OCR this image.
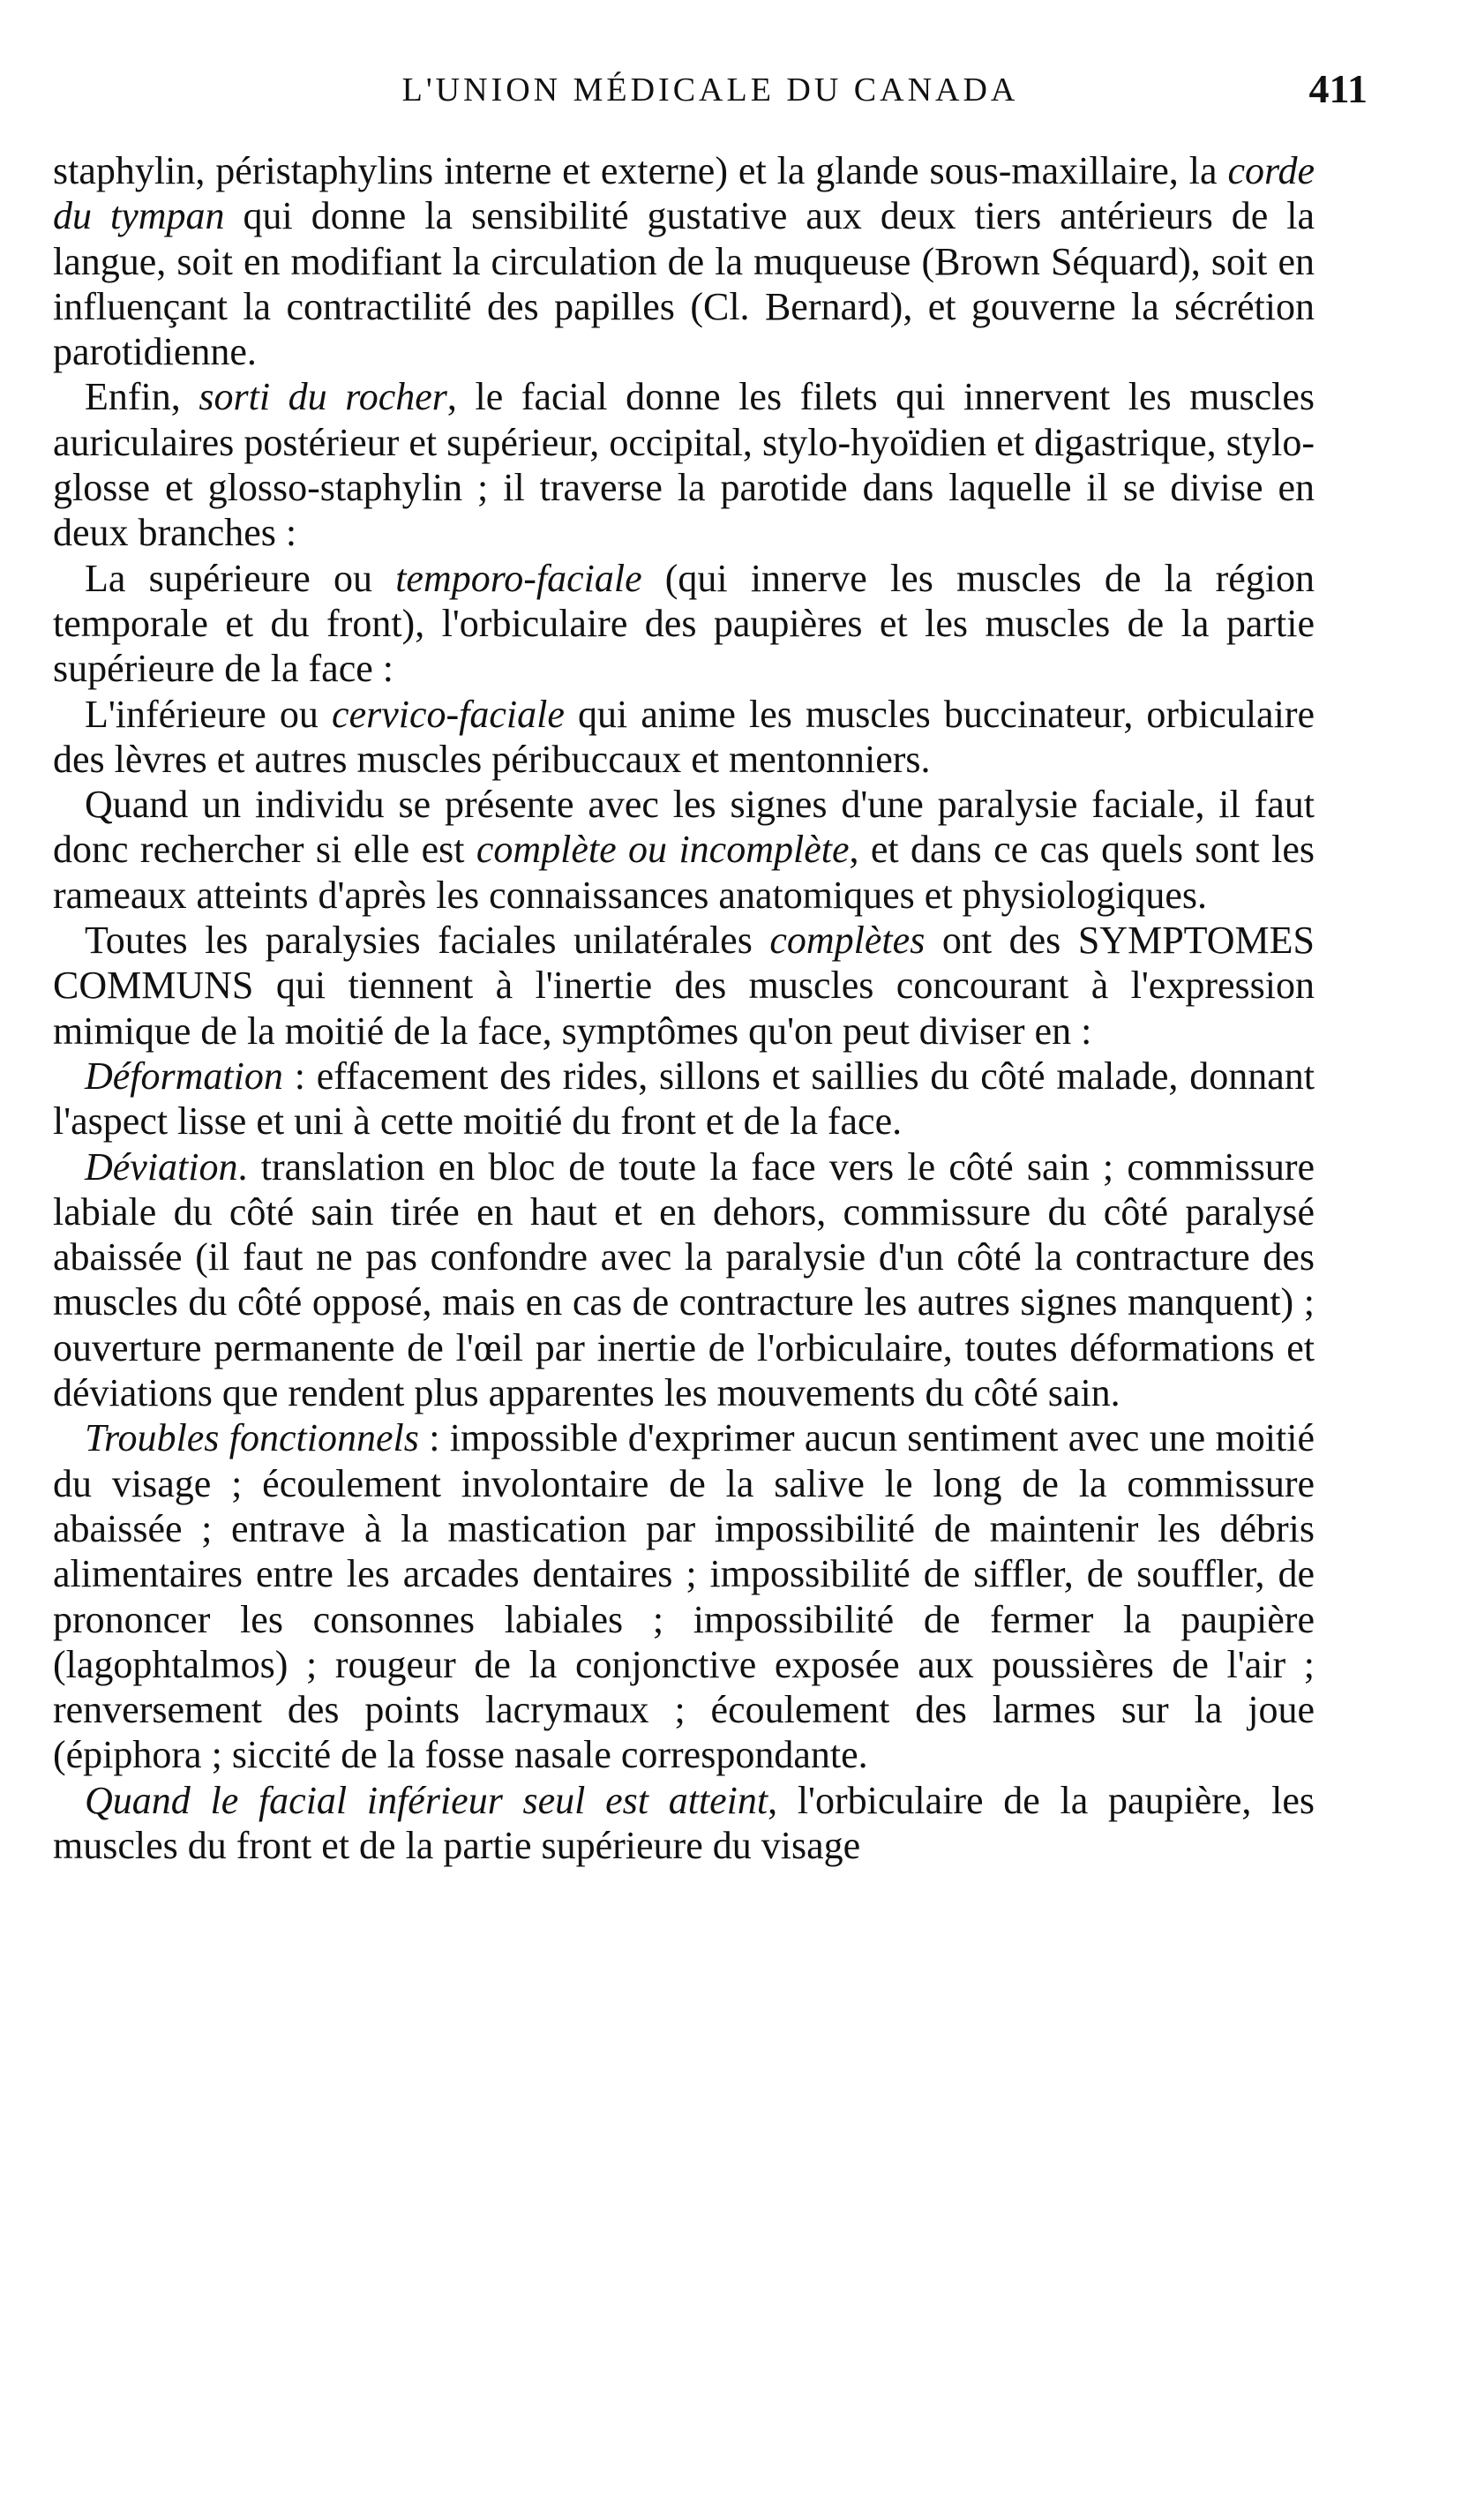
L'UNION MÉDICALE DU CANADA	411

staphylin, péristaphylins interne et externe) et la glande sous-maxillaire, la corde du tympan qui donne la sensibilité gustative aux deux tiers antérieurs de la langue, soit en modifiant la circulation de la muqueuse (Brown Séquard), soit en influençant la contractilité des papilles (Cl. Bernard), et gouverne la sécrétion parotidienne.

Enfin, sorti du rocher, le facial donne les filets qui innervent les muscles auriculaires postérieur et supérieur, occipital, stylo-hyoïdien et digastrique, stylo-glosse et glosso-staphylin ; il traverse la parotide dans laquelle il se divise en deux branches :

La supérieure ou temporo-faciale (qui innerve les muscles de la région temporale et du front), l'orbiculaire des paupières et les muscles de la partie supérieure de la face :

L'inférieure ou cervico-faciale qui anime les muscles buccinateur, orbiculaire des lèvres et autres muscles péribuccaux et mentonniers.

Quand un individu se présente avec les signes d'une paralysie faciale, il faut donc rechercher si elle est complète ou incomplète, et dans ce cas quels sont les rameaux atteints d'après les connaissances anatomiques et physiologiques.

Toutes les paralysies faciales unilatérales complètes ont des SYMPTOMES COMMUNS qui tiennent à l'inertie des muscles concourant à l'expression mimique de la moitié de la face, symptômes qu'on peut diviser en :

Déformation : effacement des rides, sillons et saillies du côté malade, donnant l'aspect lisse et uni à cette moitié du front et de la face.

Déviation. translation en bloc de toute la face vers le côté sain ; commissure labiale du côté sain tirée en haut et en dehors, commissure du côté paralysé abaissée (il faut ne pas confondre avec la paralysie d'un côté la contracture des muscles du côté opposé, mais en cas de contracture les autres signes manquent) ; ouverture permanente de l'œil par inertie de l'orbiculaire, toutes déformations et déviations que rendent plus apparentes les mouvements du côté sain.

Troubles fonctionnels : impossible d'exprimer aucun sentiment avec une moitié du visage ; écoulement involontaire de la salive le long de la commissure abaissée ; entrave à la mastication par impossibilité de maintenir les débris alimentaires entre les arcades dentaires ; impossibilité de siffler, de souffler, de prononcer les consonnes labiales ; impossibilité de fermer la paupière (lagophtalmos) ; rougeur de la conjonctive exposée aux poussières de l'air ; renversement des points lacrymaux ; écoulement des larmes sur la joue (épiphora ; siccité de la fosse nasale correspondante.

Quand le facial inférieur seul est atteint, l'orbiculaire de la paupière, les muscles du front et de la partie supérieure du visage
